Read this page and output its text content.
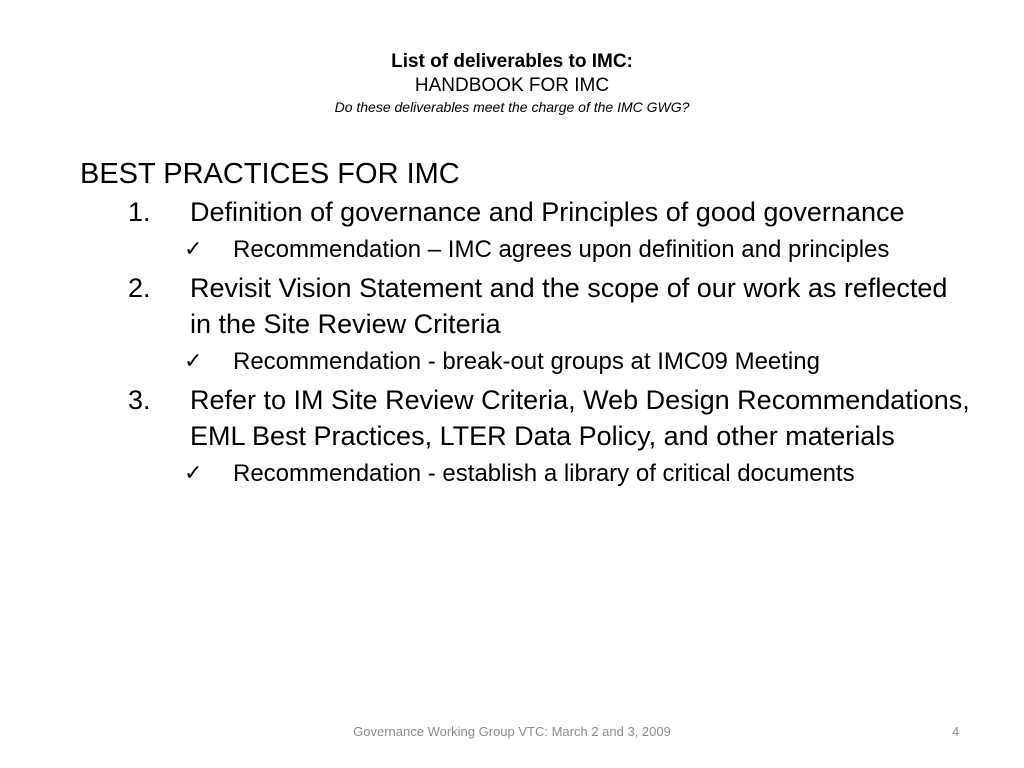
List of deliverables to IMC:
HANDBOOK FOR IMC
Do these deliverables meet the charge of the IMC GWG?
BEST PRACTICES FOR IMC
1. Definition of governance and Principles of good governance
✓ Recommendation – IMC agrees upon definition and principles
2. Revisit Vision Statement and the scope of our work as reflected in the Site Review Criteria
✓ Recommendation - break-out groups at IMC09 Meeting
3. Refer to IM Site Review Criteria, Web Design Recommendations, EML Best Practices, LTER Data Policy, and other materials
✓ Recommendation - establish a library of critical documents
Governance Working Group VTC: March 2 and 3, 2009	4
